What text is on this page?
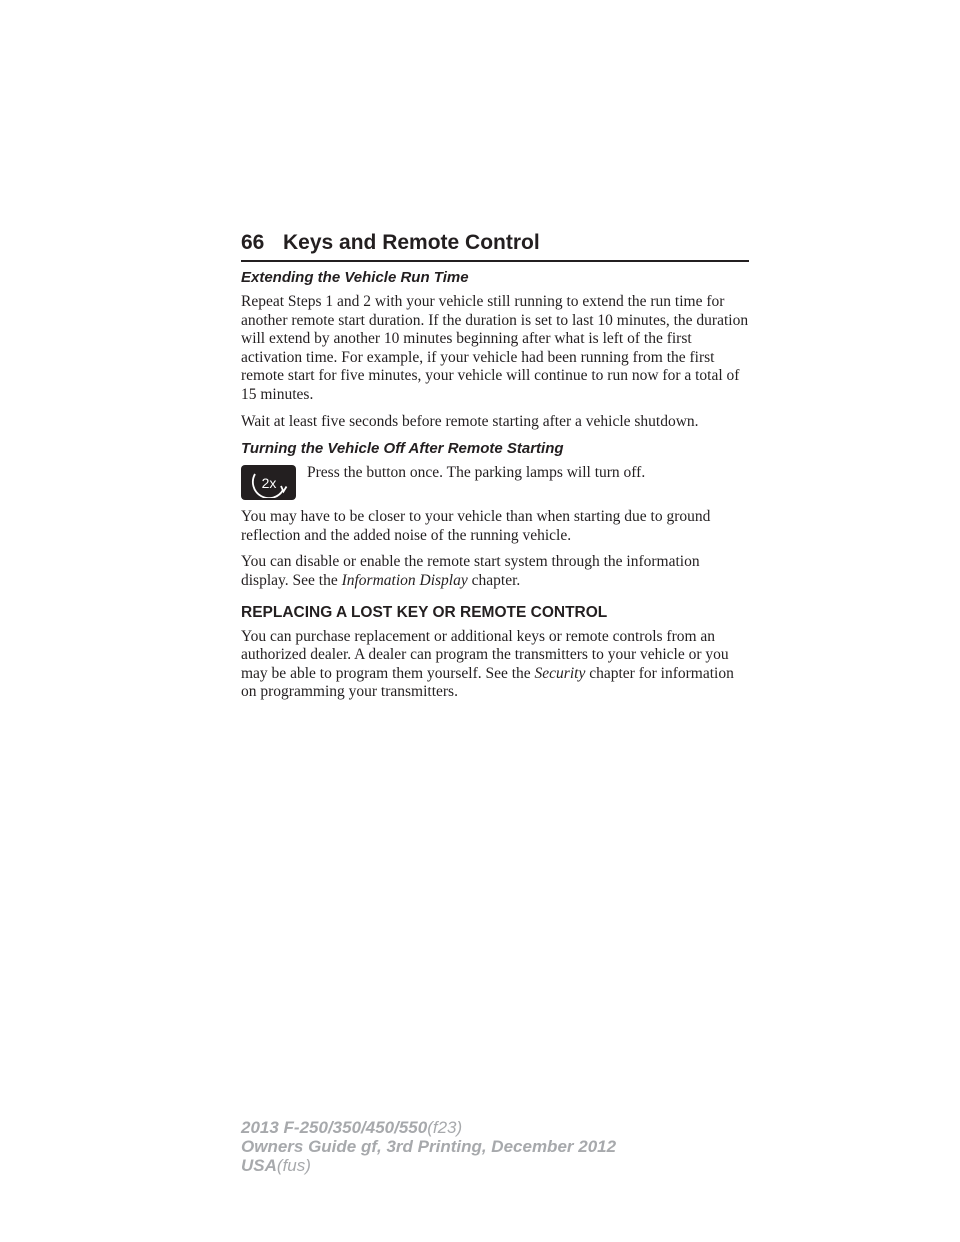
66 Keys and Remote Control
Extending the Vehicle Run Time

Repeat Steps 1 and 2 with your vehicle still running to extend the run time for another remote start duration. If the duration is set to last 10 minutes, the duration will extend by another 10 minutes beginning after what is left of the first activation time. For example, if your vehicle had been running from the first remote start for five minutes, your vehicle will continue to run now for a total of 15 minutes.

Wait at least five seconds before remote starting after a vehicle shutdown.

Turning the Vehicle Off After Remote Starting
2x

Press the button once. The parking lamps will turn off.

You may have to be closer to your vehicle than when starting due to ground reflection and the added noise of the running vehicle.

You can disable or enable the remote start system through the information display. See the Information Display chapter.

REPLACING A LOST KEY OR REMOTE CONTROL

You can purchase replacement or additional keys or remote controls from an authorized dealer. A dealer can program the transmitters to your vehicle or you may be able to program them yourself. See the Security chapter for information on programming your transmitters.

2013 F-250/350/450/550(f23)
Owners Guide gf, 3rd Printing, December 2012
USA(fus)
